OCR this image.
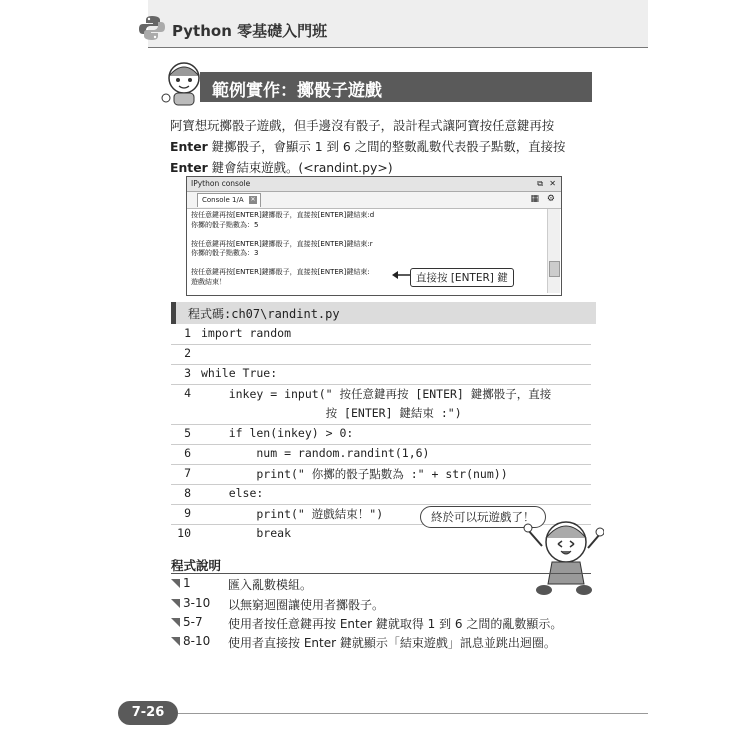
Python 零基礎入門班
範例實作：擲骰子遊戲
阿寶想玩擲骰子遊戲，但手邊沒有骰子，設計程式讓阿寶按任意鍵再按 Enter 鍵擲骰子，會顯示 1 到 6 之間的整數亂數代表骰子點數，直接按 Enter 鍵會結束遊戲。(<randint.py>)
IPython console	⧉ ✕
Console 1/A ✕	▦ ⚙
按任意鍵再按[ENTER]鍵擲骰子，直接按[ENTER]鍵結束:d
你擲的骰子點數為：5

按任意鍵再按[ENTER]鍵擲骰子，直接按[ENTER]鍵結束:r
你擲的骰子點數為：3

按任意鍵再按[ENTER]鍵擲骰子，直接按[ENTER]鍵結束:
遊戲結束！	直接按 [ENTER] 鍵
程式碼:ch07\randint.py
1 import random
2
3 while True:
4 inkey = input(" 按任意鍵再按 [ENTER] 鍵擲骰子，直接
按 [ENTER] 鍵結束 :")
5 if len(inkey) > 0:
6 num = random.randint(1,6)
7 print(" 你擲的骰子點數為 :" + str(num))
8 else:
9 print(" 遊戲結束！")
10 break
終於可以玩遊戲了！
程式說明
1	匯入亂數模組。
3-10 以無窮迴圈讓使用者擲骰子。
5-7 使用者按任意鍵再按 Enter 鍵就取得 1 到 6 之間的亂數顯示。
8-10 使用者直接按 Enter 鍵就顯示「結束遊戲」訊息並跳出迴圈。
7-26
